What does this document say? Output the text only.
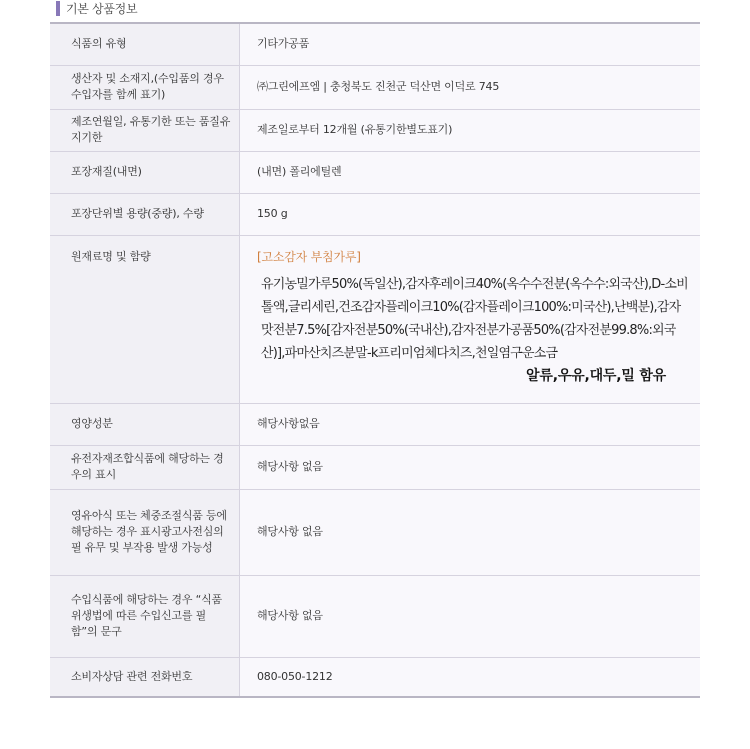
기본 상품정보
식품의 유형	기타가공품
생산자 및 소재지,(수입품의 경우 수입자를 함께 표기)	㈜그린에프엠 | 충청북도 진천군 덕산면 이덕로 745
제조연월일, 유통기한 또는 품질유지기한	제조일로부터 12개월 (유통기한별도표기)
포장재질(내면)	(내면) 폴리에틸렌
포장단위별 용량(중량), 수량	150 g
원재료명 및 함량	[고소감자 부침가루]
유기농밀가루50%(독일산),감자후레이크40%(옥수수전분(옥수수:외국산),D-소비톨액,글리세린,건조감자플레이크10%(감자플레이크100%:미국산),난백분),감자맛전분7.5%[감자전분50%(국내산),감자전분가공품50%(감자전분99.8%:외국산)],파마산치즈분말-k프리미엄체다치즈,천일염구운소금
알류,우유,대두,밀 함유

영양성분	해당사항없음
유전자재조합식품에 해당하는 경우의 표시	해당사항 없음
영유아식 또는 체중조절식품 등에 해당하는 경우 표시광고사전심의필 유무 및 부작용 발생 가능성	해당사항 없음
수입식품에 해당하는 경우 “식품위생법에 따른 수입신고를 필함”의 문구	해당사항 없음
소비자상담 관련 전화번호	080-050-1212
